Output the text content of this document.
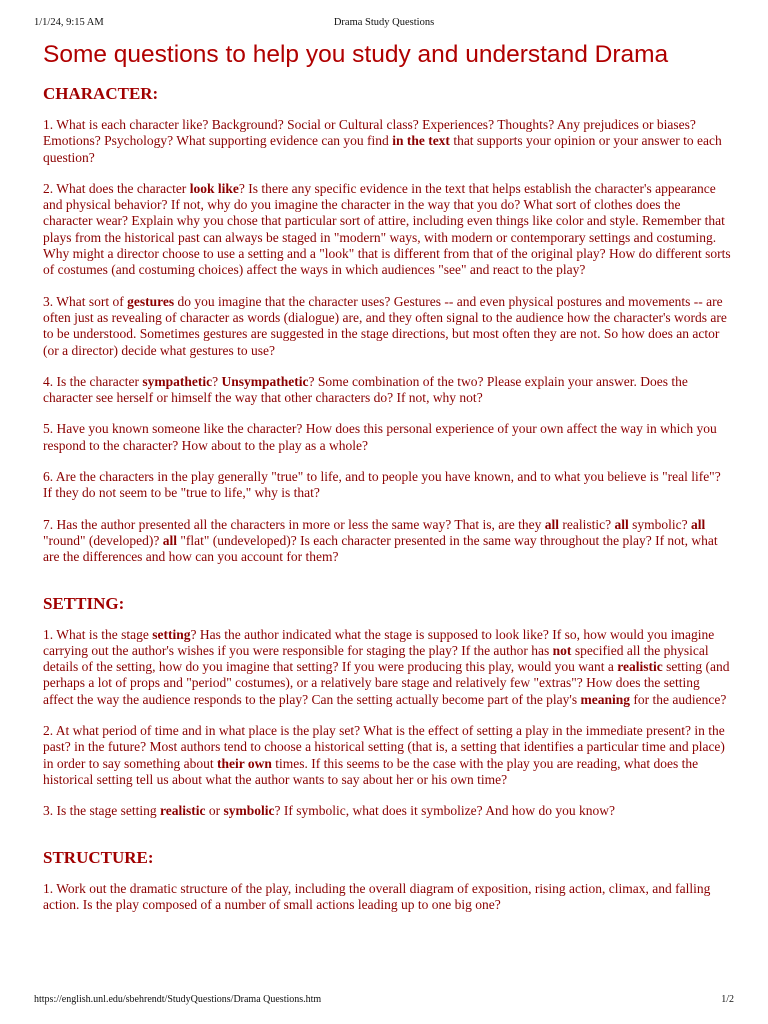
1/1/24, 9:15 AM	Drama Study Questions
Some questions to help you study and understand Drama
CHARACTER:

1. What is each character like? Background? Social or Cultural class? Experiences? Thoughts? Any prejudices or biases? Emotions? Psychology? What supporting evidence can you find in the text that supports your opinion or your answer to each question?

2. What does the character look like? Is there any specific evidence in the text that helps establish the character's appearance and physical behavior? If not, why do you imagine the character in the way that you do? What sort of clothes does the character wear? Explain why you chose that particular sort of attire, including even things like color and style. Remember that plays from the historical past can always be staged in "modern" ways, with modern or contemporary settings and costuming. Why might a director choose to use a setting and a "look" that is different from that of the original play? How do different sorts of costumes (and costuming choices) affect the ways in which audiences "see" and react to the play?

3. What sort of gestures do you imagine that the character uses? Gestures -- and even physical postures and movements -- are often just as revealing of character as words (dialogue) are, and they often signal to the audience how the character's words are to be understood. Sometimes gestures are suggested in the stage directions, but most often they are not. So how does an actor (or a director) decide what gestures to use?

4. Is the character sympathetic? Unsympathetic? Some combination of the two? Please explain your answer. Does the character see herself or himself the way that other characters do? If not, why not?

5. Have you known someone like the character? How does this personal experience of your own affect the way in which you respond to the character? How about to the play as a whole?

6. Are the characters in the play generally "true" to life, and to people you have known, and to what you believe is "real life"? If they do not seem to be "true to life," why is that?

7. Has the author presented all the characters in more or less the same way? That is, are they all realistic? all symbolic? all "round" (developed)? all "flat" (undeveloped)? Is each character presented in the same way throughout the play? If not, what are the differences and how can you account for them?

SETTING:

1. What is the stage setting? Has the author indicated what the stage is supposed to look like? If so, how would you imagine carrying out the author's wishes if you were responsible for staging the play? If the author has not specified all the physical details of the setting, how do you imagine that setting? If you were producing this play, would you want a realistic setting (and perhaps a lot of props and "period" costumes), or a relatively bare stage and relatively few "extras"? How does the setting affect the way the audience responds to the play? Can the setting actually become part of the play's meaning for the audience?

2. At what period of time and in what place is the play set? What is the effect of setting a play in the immediate present? in the past? in the future? Most authors tend to choose a historical setting (that is, a setting that identifies a particular time and place) in order to say something about their own times. If this seems to be the case with the play you are reading, what does the historical setting tell us about what the author wants to say about her or his own time?

3. Is the stage setting realistic or symbolic? If symbolic, what does it symbolize? And how do you know?

STRUCTURE:

1. Work out the dramatic structure of the play, including the overall diagram of exposition, rising action, climax, and falling action. Is the play composed of a number of small actions leading up to one big one?

https://english.unl.edu/sbehrendt/StudyQuestions/Drama Questions.htm	1/2
